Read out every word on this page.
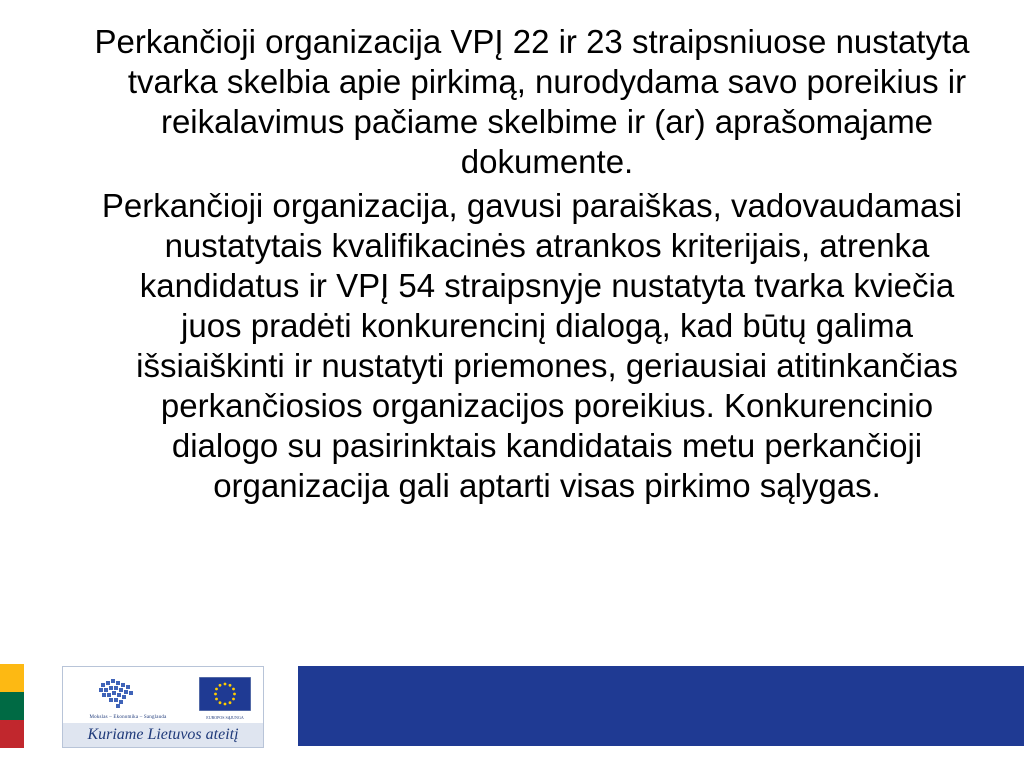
Perkančioji organizacija VPĮ 22 ir 23 straipsniuose nustatyta tvarka skelbia apie pirkimą, nurodydama savo poreikius ir reikalavimus pačiame skelbime ir (ar) aprašomajame dokumente.

Perkančioji organizacija, gavusi paraiškas, vadovaudamasi nustatytais kvalifikacinės atrankos kriterijais, atrenka kandidatus ir VPĮ 54 straipsnyje nustatyta tvarka kviečia juos pradėti konkurencinį dialogą, kad būtų galima išsiaiškinti ir nustatyti priemones, geriausiai atitinkančias perkančiosios organizacijos poreikius. Konkurencinio dialogo su pasirinktais kandidatais metu perkančioji organizacija gali aptarti visas pirkimo sąlygas.

Mokslas – Ekonomika – Sanglauda	EUROPOS SĄJUNGA
Kuriame Lietuvos ateitį
